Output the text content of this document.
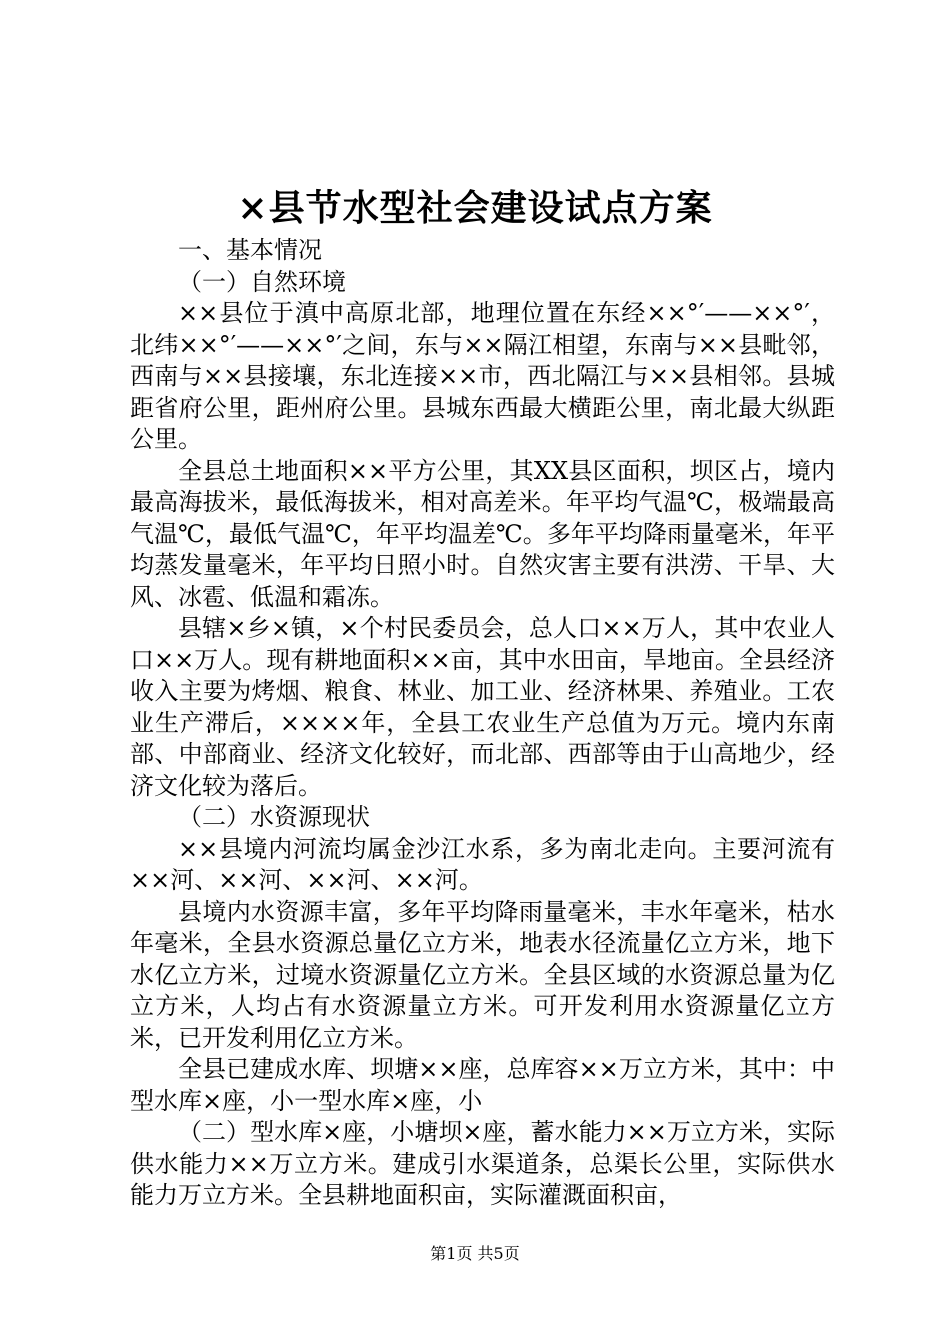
×县节水型社会建设试点方案

一、基本情况

（一）自然环境

××县位于滇中高原北部，地理位置在东经××°′——××°′，北纬××°′——××°′之间，东与××隔江相望，东南与××县毗邻，西南与××县接壤，东北连接××市，西北隔江与××县相邻。县城距省府公里，距州府公里。县城东西最大横距公里，南北最大纵距公里。

全县总土地面积××平方公里，其XX县区面积，坝区占，境内最高海拔米，最低海拔米，相对高差米。年平均气温℃，极端最高气温℃，最低气温℃，年平均温差℃。多年平均降雨量毫米，年平均蒸发量毫米，年平均日照小时。自然灾害主要有洪涝、干旱、大风、冰雹、低温和霜冻。

县辖×乡×镇，×个村民委员会，总人口××万人，其中农业人口××万人。现有耕地面积××亩，其中水田亩，旱地亩。全县经济收入主要为烤烟、粮食、林业、加工业、经济林果、养殖业。工农业生产滞后，××××年，全县工农业生产总值为万元。境内东南部、中部商业、经济文化较好，而北部、西部等由于山高地少，经济文化较为落后。

（二）水资源现状

××县境内河流均属金沙江水系，多为南北走向。主要河流有××河、××河、××河、××河。

县境内水资源丰富，多年平均降雨量毫米，丰水年毫米，枯水年毫米，全县水资源总量亿立方米，地表水径流量亿立方米，地下水亿立方米，过境水资源量亿立方米。全县区域的水资源总量为亿立方米，人均占有水资源量立方米。可开发利用水资源量亿立方米，已开发利用亿立方米。

全县已建成水库、坝塘××座，总库容××万立方米，其中：中型水库×座，小一型水库×座，小

（二）型水库×座，小塘坝×座，蓄水能力××万立方米，实际供水能力××万立方米。建成引水渠道条，总渠长公里，实际供水能力万立方米。全县耕地面积亩，实际灌溉面积亩，

第1页 共5页
